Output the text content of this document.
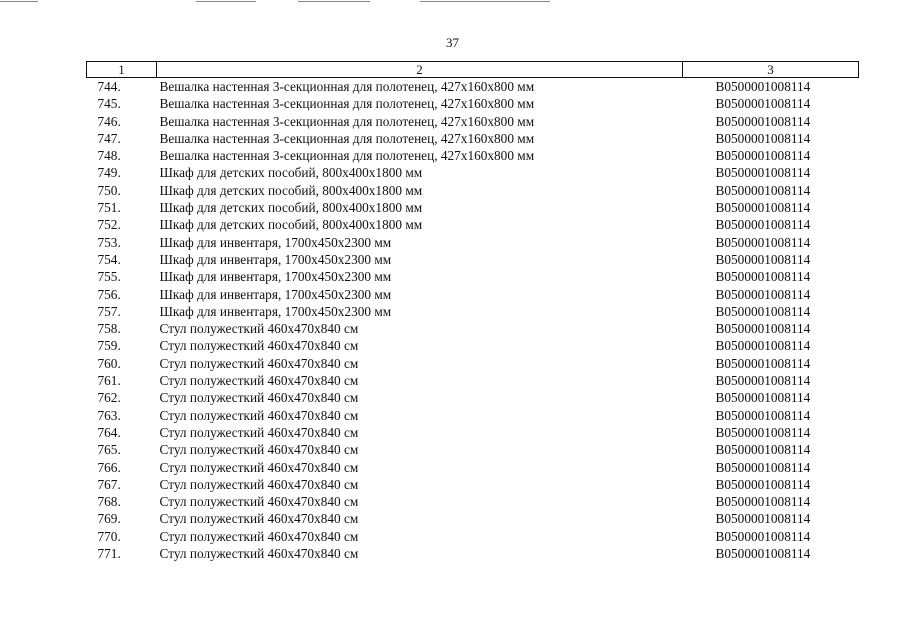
37
1	2	3
744.	Вешалка настенная 3-секционная для полотенец, 427х160х800 мм	B0500001008114
745.	Вешалка настенная 3-секционная для полотенец, 427х160х800 мм	B0500001008114
746.	Вешалка настенная 3-секционная для полотенец, 427х160х800 мм	B0500001008114
747.	Вешалка настенная 3-секционная для полотенец, 427х160х800 мм	B0500001008114
748.	Вешалка настенная 3-секционная для полотенец, 427х160х800 мм	B0500001008114
749.	Шкаф для детских пособий, 800х400х1800 мм	B0500001008114
750.	Шкаф для детских пособий, 800х400х1800 мм	B0500001008114
751.	Шкаф для детских пособий, 800х400х1800 мм	B0500001008114
752.	Шкаф для детских пособий, 800х400х1800 мм	B0500001008114
753.	Шкаф для инвентаря, 1700х450х2300 мм	B0500001008114
754.	Шкаф для инвентаря, 1700х450х2300 мм	B0500001008114
755.	Шкаф для инвентаря, 1700х450х2300 мм	B0500001008114
756.	Шкаф для инвентаря, 1700х450х2300 мм	B0500001008114
757.	Шкаф для инвентаря, 1700х450х2300 мм	B0500001008114
758.	Стул полужесткий 460х470х840 см	B0500001008114
759.	Стул полужесткий 460х470х840 см	B0500001008114
760.	Стул полужесткий 460х470х840 см	B0500001008114
761.	Стул полужесткий 460х470х840 см	B0500001008114
762.	Стул полужесткий 460х470х840 см	B0500001008114
763.	Стул полужесткий 460х470х840 см	B0500001008114
764.	Стул полужесткий 460х470х840 см	B0500001008114
765.	Стул полужесткий 460х470х840 см	B0500001008114
766.	Стул полужесткий 460х470х840 см	B0500001008114
767.	Стул полужесткий 460х470х840 см	B0500001008114
768.	Стул полужесткий 460х470х840 см	B0500001008114
769.	Стул полужесткий 460х470х840 см	B0500001008114
770.	Стул полужесткий 460х470х840 см	B0500001008114
771.	Стул полужесткий 460х470х840 см	B0500001008114
